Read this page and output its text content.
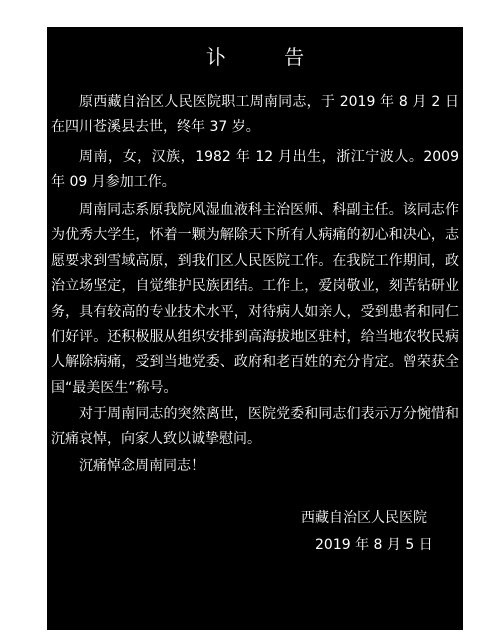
讣 告

原西藏自治区人民医院职工周南同志，于 2019 年 8 月 2 日在四川苍溪县去世，终年 37 岁。

周南，女，汉族，1982 年 12 月出生，浙江宁波人。2009 年 09 月参加工作。

周南同志系原我院风湿血液科主治医师、科副主任。该同志作为优秀大学生，怀着一颗为解除天下所有人病痛的初心和决心，志愿要求到雪域高原，到我们区人民医院工作。在我院工作期间，政治立场坚定，自觉维护民族团结。工作上，爱岗敬业，刻苦钻研业务，具有较高的专业技术水平，对待病人如亲人，受到患者和同仁们好评。还积极服从组织安排到高海拔地区驻村，给当地农牧民病人解除病痛，受到当地党委、政府和老百姓的充分肯定。曾荣获全国“最美医生”称号。

对于周南同志的突然离世，医院党委和同志们表示万分惋惜和沉痛哀悼，向家人致以诚挚慰问。

沉痛悼念周南同志！

西藏自治区人民医院
2019 年 8 月 5 日
